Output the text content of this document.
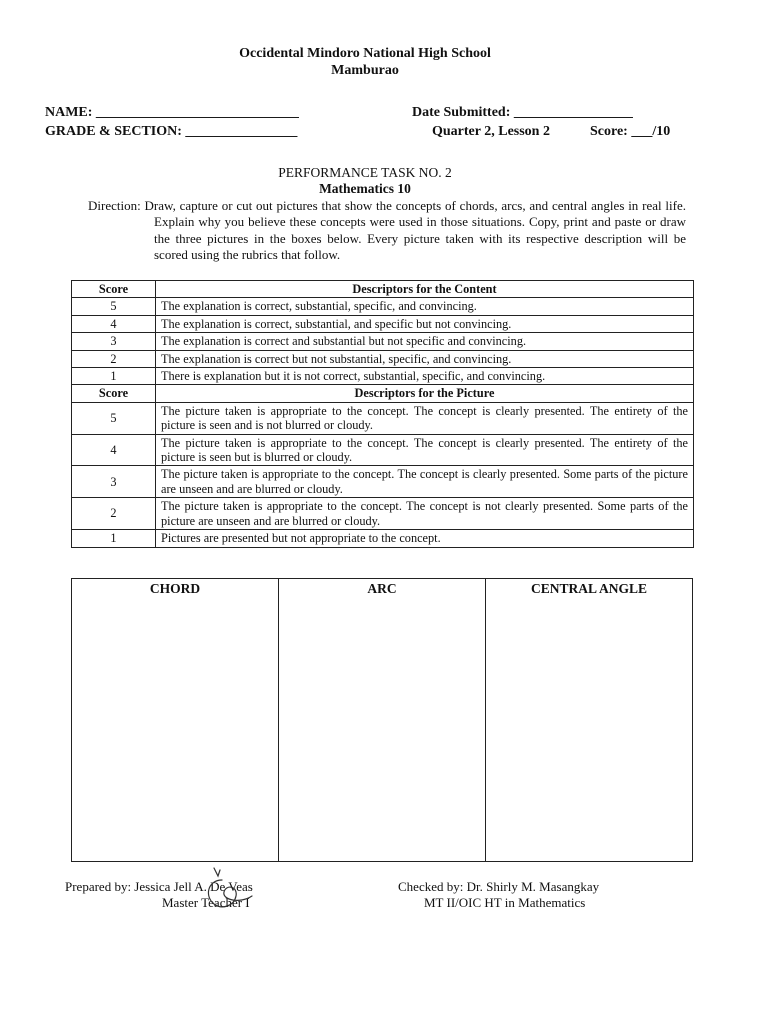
Occidental Mindoro National High School
Mamburao
NAME: _____________________________	Date Submitted: _________________
GRADE & SECTION: ________________	Quarter 2, Lesson 2	Score: ___/10
PERFORMANCE TASK NO. 2
Mathematics 10
Direction: Draw, capture or cut out pictures that show the concepts of chords, arcs, and central angles in real life. Explain why you believe these concepts were used in those situations. Copy, print and paste or draw the three pictures in the boxes below. Every picture taken with its respective description will be scored using the rubrics that follow.
Score	Descriptors for the Content
5	The explanation is correct, substantial, specific, and convincing.
4	The explanation is correct, substantial, and specific but not convincing.
3	The explanation is correct and substantial but not specific and convincing.
2	The explanation is correct but not substantial, specific, and convincing.
1	There is explanation but it is not correct, substantial, specific, and convincing.
Score	Descriptors for the Picture
5	The picture taken is appropriate to the concept. The concept is clearly presented. The entirety of the picture is seen and is not blurred or cloudy.
4	The picture taken is appropriate to the concept. The concept is clearly presented. The entirety of the picture is seen but is blurred or cloudy.
3	The picture taken is appropriate to the concept. The concept is clearly presented. Some parts of the picture are unseen and are blurred or cloudy.
2	The picture taken is appropriate to the concept. The concept is not clearly presented. Some parts of the picture are unseen and are blurred or cloudy.
1	Pictures are presented but not appropriate to the concept.
CHORD	ARC	CENTRAL ANGLE
Prepared by: Jessica Jell A. De Veas
Master Teacher I
Checked by: Dr. Shirly M. Masangkay
MT II/OIC HT in Mathematics
